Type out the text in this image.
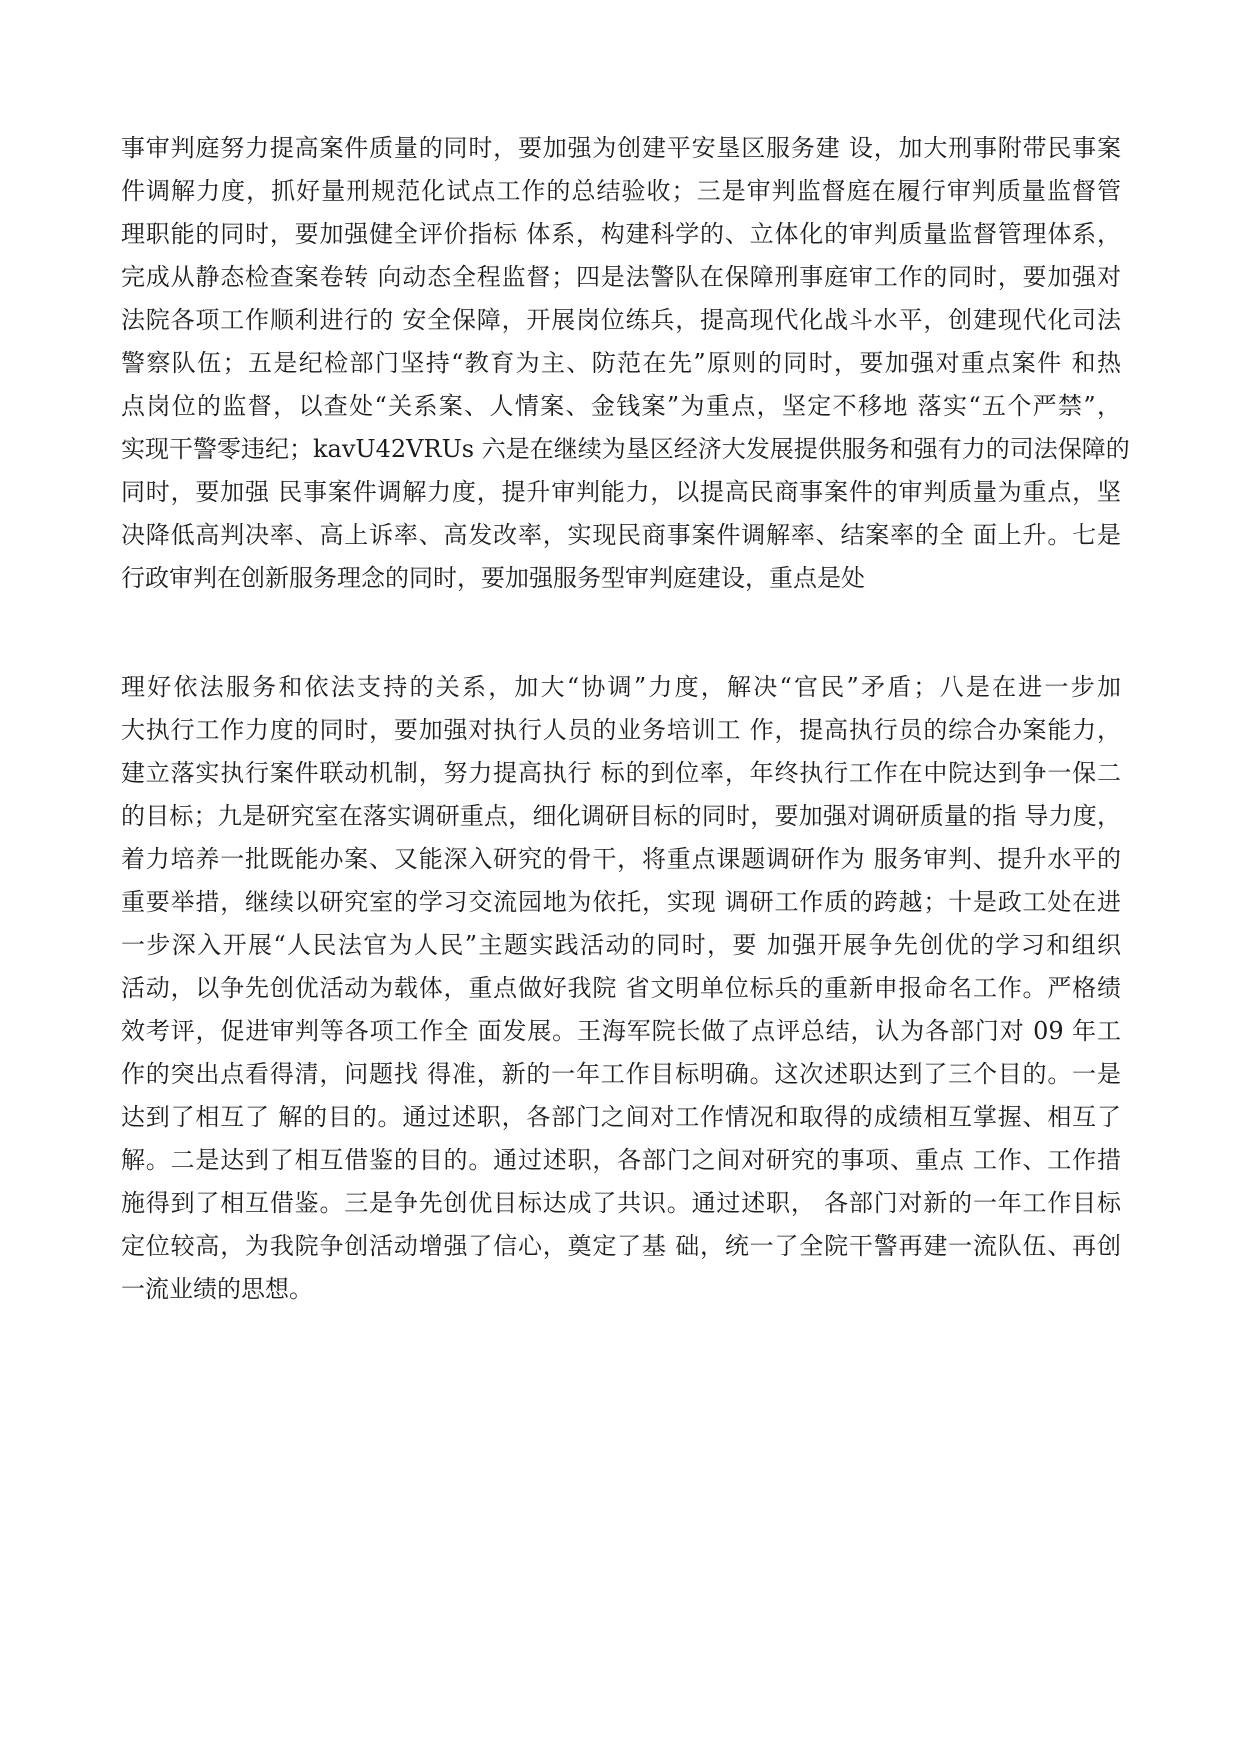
事审判庭努力提高案件质量的同时，要加强为创建平安垦区服务建 设，加大刑事附带民事案
件调解力度，抓好量刑规范化试点工作的总结验收；三是审判监督庭在履行审判质量监督管
理职能的同时，要加强健全评价指标 体系，构建科学的、立体化的审判质量监督管理体系，
完成从静态检查案卷转 向动态全程监督；四是法警队在保障刑事庭审工作的同时，要加强对
法院各项工作顺利进行的 安全保障，开展岗位练兵，提高现代化战斗水平，创建现代化司法
警察队伍；五是纪检部门坚持“教育为主、防范在先”原则的同时，要加强对重点案件 和热
点岗位的监督，以查处“关系案、人情案、金钱案”为重点，坚定不移地 落实“五个严禁”，
实现干警零违纪；kavU42VRUs 六是在继续为垦区经济大发展提供服务和强有力的司法保障的
同时，要加强 民事案件调解力度，提升审判能力，以提高民商事案件的审判质量为重点，坚
决降低高判决率、高上诉率、高发改率，实现民商事案件调解率、结案率的全 面上升。七是
行政审判在创新服务理念的同时，要加强服务型审判庭建设，重点是处
理好依法服务和依法支持的关系，加大“协调”力度，解决“官民”矛盾；八是在进一步加
大执行工作力度的同时，要加强对执行人员的业务培训工 作，提高执行员的综合办案能力，
建立落实执行案件联动机制，努力提高执行 标的到位率，年终执行工作在中院达到争一保二
的目标；九是研究室在落实调研重点，细化调研目标的同时，要加强对调研质量的指 导力度，
着力培养一批既能办案、又能深入研究的骨干，将重点课题调研作为 服务审判、提升水平的
重要举措，继续以研究室的学习交流园地为依托，实现 调研工作质的跨越；十是政工处在进
一步深入开展“人民法官为人民”主题实践活动的同时，要 加强开展争先创优的学习和组织
活动，以争先创优活动为载体，重点做好我院 省文明单位标兵的重新申报命名工作。严格绩
效考评，促进审判等各项工作全 面发展。王海军院长做了点评总结，认为各部门对 09 年工
作的突出点看得清，问题找 得准，新的一年工作目标明确。这次述职达到了三个目的。一是
达到了相互了 解的目的。通过述职，各部门之间对工作情况和取得的成绩相互掌握、相互了
解。二是达到了相互借鉴的目的。通过述职，各部门之间对研究的事项、重点 工作、工作措
施得到了相互借鉴。三是争先创优目标达成了共识。通过述职， 各部门对新的一年工作目标
定位较高，为我院争创活动增强了信心，奠定了基 础，统一了全院干警再建一流队伍、再创
一流业绩的思想。
